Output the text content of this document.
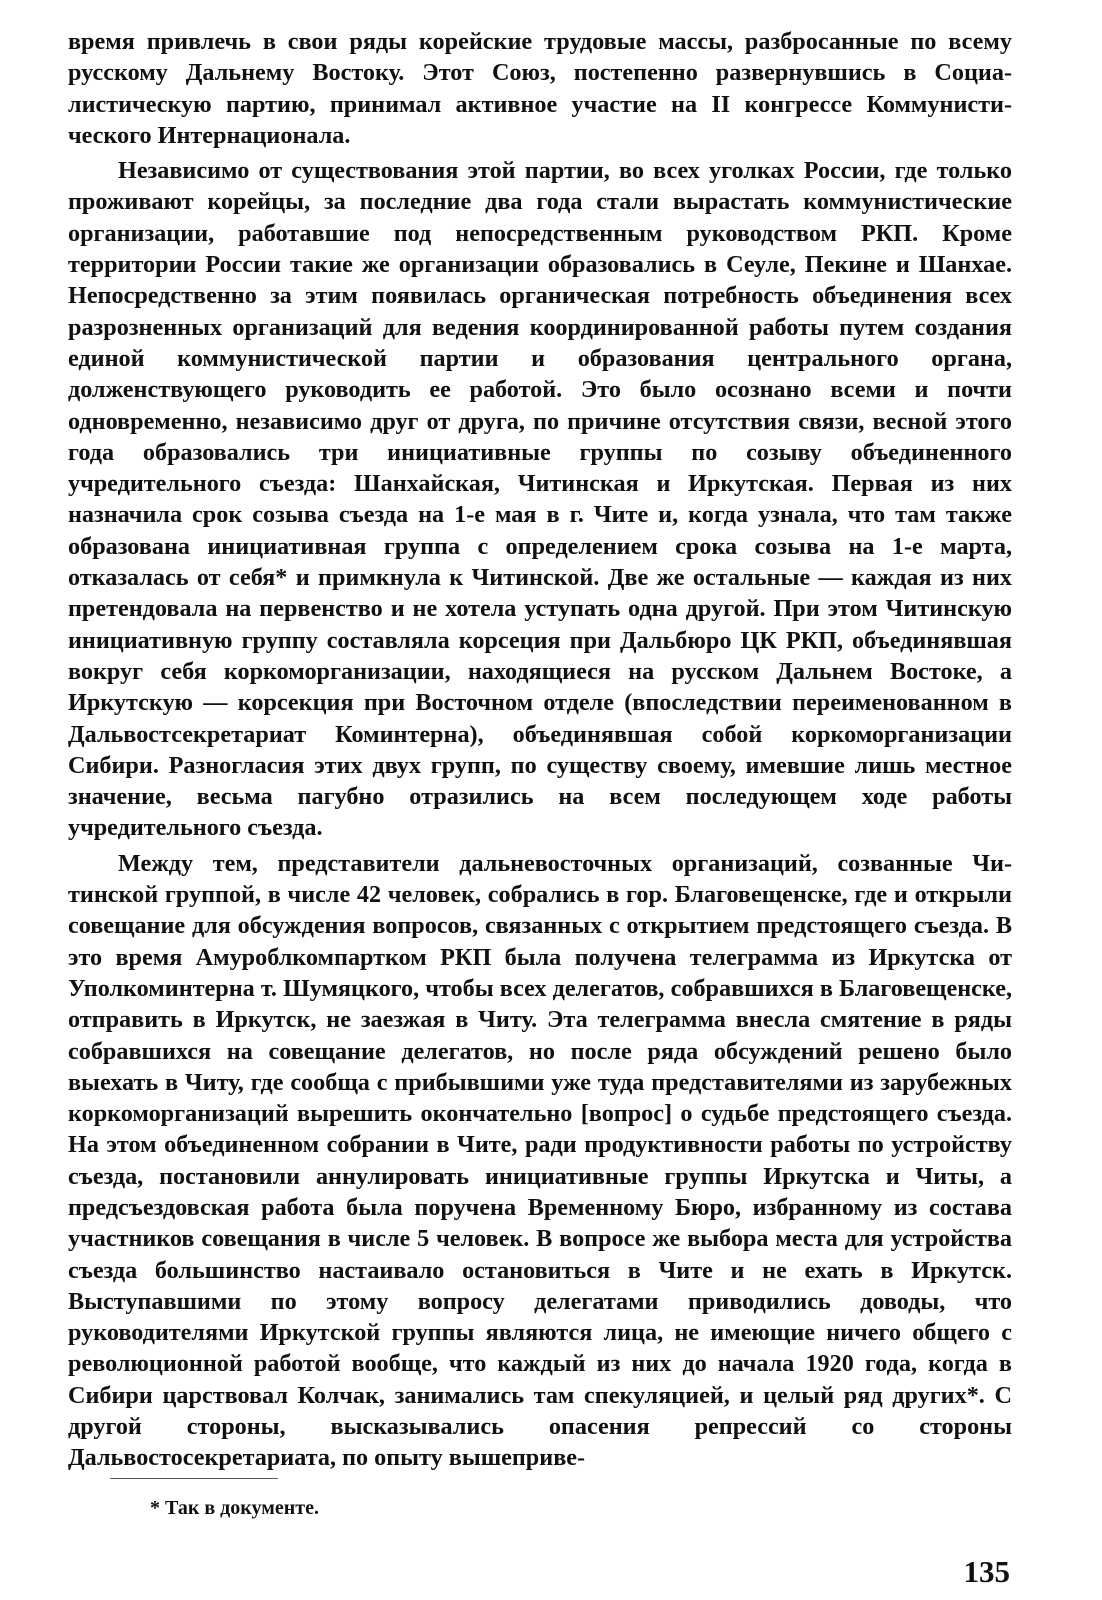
время привлечь в свои ряды корейские трудовые массы, разбросанные по всему русскому Дальнему Востоку. Этот Союз, постепенно развернувшись в Социалистическую партию, принимал активное участие на II конгрессе Коммунистического Интернационала.

Независимо от существования этой партии, во всех уголках России, где только проживают корейцы, за последние два года стали вырастать коммунистические организации, работавшие под непосредственным руководством РКП. Кроме территории России такие же организации образовались в Сеуле, Пекине и Шанхае. Непосредственно за этим появилась органическая потребность объединения всех разрозненных организаций для ведения координированной работы путем создания единой коммунистической партии и образования центрального органа, долженствующего руководить ее работой. Это было осознано всеми и почти одновременно, независимо друг от друга, по причине отсутствия связи, весной этого года образовались три инициативные группы по созыву объединенного учредительного съезда: Шанхайская, Читинская и Иркутская. Первая из них назначила срок созыва съезда на 1-е мая в г. Чите и, когда узнала, что там также образована инициативная группа с определением срока созыва на 1-е марта, отказалась от себя* и примкнула к Читинской. Две же остальные — каждая из них претендовала на первенство и не хотела уступать одна другой. При этом Читинскую инициативную группу составляла корсеция при Дальбюро ЦК РКП, объединявшая вокруг себя коркоморганизации, находящиеся на русском Дальнем Востоке, а Иркутскую — корсекция при Восточном отделе (впоследствии переименованном в Дальвостсекретариат Коминтерна), объединявшая собой коркоморганизации Сибири. Разногласия этих двух групп, по существу своему, имевшие лишь местное значение, весьма пагубно отразились на всем последующем ходе работы учредительного съезда.

Между тем, представители дальневосточных организаций, созванные Читинской группой, в числе 42 человек, собрались в гор. Благовещенске, где и открыли совещание для обсуждения вопросов, связанных с открытием предстоящего съезда. В это время Амуроблкомпартком РКП была получена телеграмма из Иркутска от Уполкоминтерна т. Шумяцкого, чтобы всех делегатов, собравшихся в Благовещенске, отправить в Иркутск, не заезжая в Читу. Эта телеграмма внесла смятение в ряды собравшихся на совещание делегатов, но после ряда обсуждений решено было выехать в Читу, где сообща с прибывшими уже туда представителями из зарубежных коркоморганизаций вырешить окончательно [вопрос] о судьбе предстоящего съезда. На этом объединенном собрании в Чите, ради продуктивности работы по устройству съезда, постановили аннулировать инициативные группы Иркутска и Читы, а предсъездовская работа была поручена Временному Бюро, избранному из состава участников совещания в числе 5 человек. В вопросе же выбора места для устройства съезда большинство настаивало остановиться в Чите и не ехать в Иркутск. Выступавшими по этому вопросу делегатами приводились доводы, что руководителями Иркутской группы являются лица, не имеющие ничего общего с революционной работой вообще, что каждый из них до начала 1920 года, когда в Сибири царствовал Колчак, занимались там спекуляцией, и целый ряд других*. С другой стороны, высказывались опасения репрессий со стороны Дальвостосекретариата, по опыту вышеприве-

* Так в документе.
135
